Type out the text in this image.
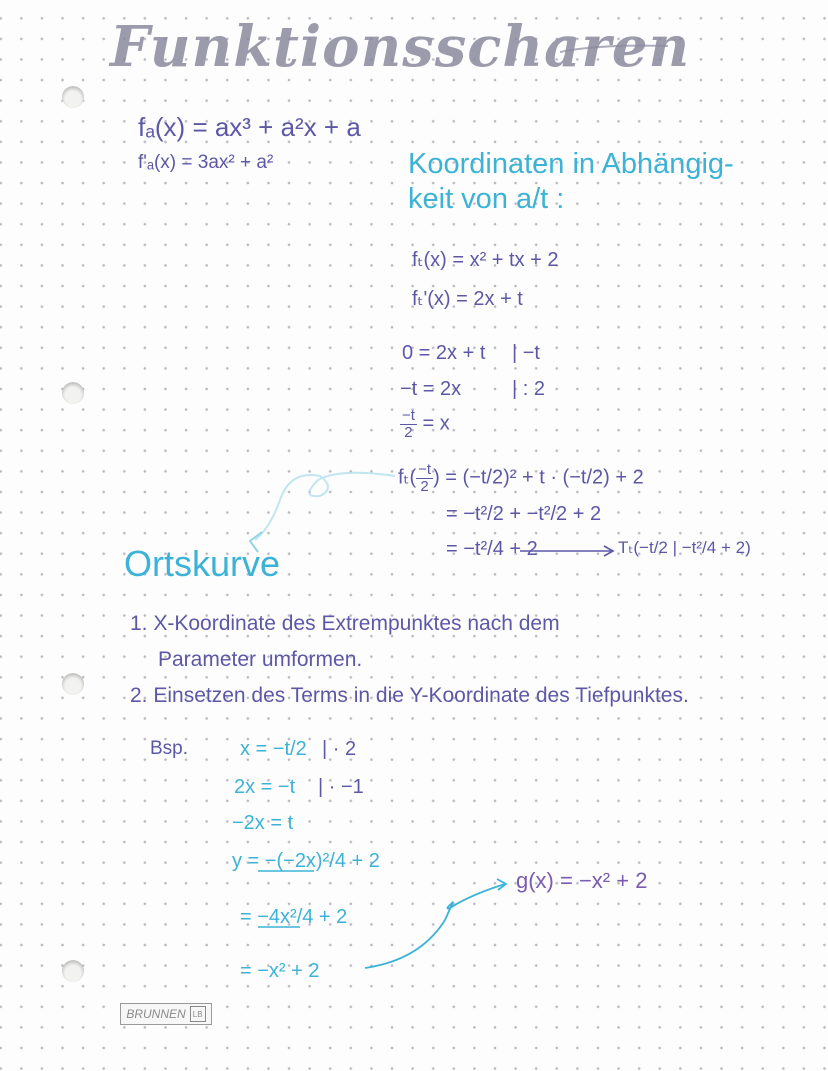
Funktionsscharen
fₐ(x) = ax³ + a²x + a
f'ₐ(x) = 3ax² + a²	Koordinaten in Abhängig-
keit von a/t :
fₜ(x) = x² + tx + 2
fₜ'(x) = 2x + t
0 = 2x + t | −t
−t = 2x	| : 2
$\frac{-t}{2} = x$
$f_t( \frac{-t}{2}$ ) = (−t/2)² + t · (−t/2) + 2
= −t²/2 + −t²/2 + 2
= −t²/4 + 2	Tₜ(−t/2 | −t²/4 + 2)
Ortskurve
1. X-Koordinate des Extrempunktes nach dem
Parameter umformen.
2. Einsetzen des Terms in die Y-Koordinate des Tiefpunktes.
Bsp.	x = −t/2 | · 2
2x = −t | · −1
−2x = t
y = −(−2x)²/4 + 2
= −4x²/4 + 2
= −x² + 2
g(x) = −x² + 2
BRUNNEN LB
